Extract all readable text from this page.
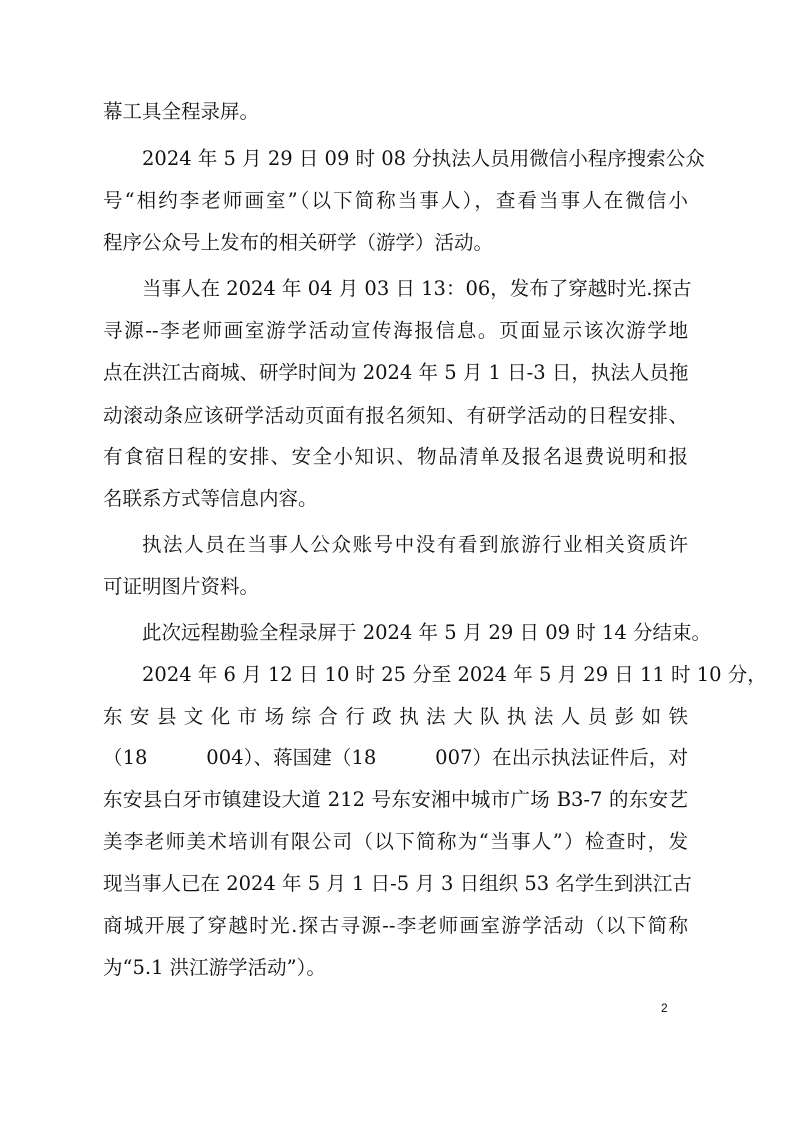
幕工具全程录屏。
2024 年 5 月 29 日 09 时 08 分执法人员用微信小程序搜索公众
号“相约李老师画室”（以下简称当事人），查看当事人在微信小
程序公众号上发布的相关研学（游学）活动。
当事人在 2024 年 04 月 03 日 13：06，发布了穿越时光.探古
寻源--李老师画室游学活动宣传海报信息。页面显示该次游学地
点在洪江古商城、研学时间为 2024 年 5 月 1 日-3 日，执法人员拖
动滚动条应该研学活动页面有报名须知、有研学活动的日程安排、
有食宿日程的安排、安全小知识、物品清单及报名退费说明和报
名联系方式等信息内容。
执法人员在当事人公众账号中没有看到旅游行业相关资质许
可证明图片资料。
此次远程勘验全程录屏于 2024 年 5 月 29 日 09 时 14 分结束。
2024 年 6 月 12 日 10 时 25 分至 2024 年 5 月 29 日 11 时 10 分，
东 安 县 文 化 市 场 综 合 行 政 执 法 大 队 执 法 人 员 彭 如 铁
（18　　　004）、蒋国建（18　　　007）在出示执法证件后，对
东安县白牙市镇建设大道 212 号东安湘中城市广场 B3-7 的东安艺
美李老师美术培训有限公司（以下简称为“当事人”）检查时，发
现当事人已在 2024 年 5 月 1 日-5 月 3 日组织 53 名学生到洪江古
商城开展了穿越时光.探古寻源--李老师画室游学活动（以下简称
为“5.1 洪江游学活动”）。
2
